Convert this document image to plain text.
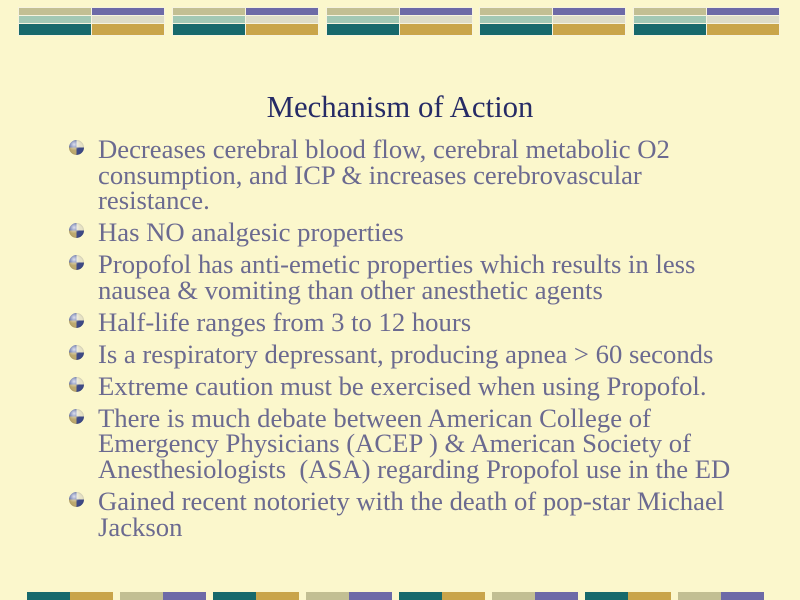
Mechanism of Action
Decreases cerebral blood flow, cerebral metabolic O2
consumption, and ICP & increases cerebrovascular
resistance.
Has NO analgesic properties
Propofol has anti-emetic properties which results in less
nausea & vomiting than other anesthetic agents
Half-life ranges from 3 to 12 hours
Is a respiratory depressant, producing apnea > 60 seconds
Extreme caution must be exercised when using Propofol.
There is much debate between American College of
Emergency Physicians (ACEP ) & American Society of
Anesthesiologists  (ASA) regarding Propofol use in the ED
Gained recent notoriety with the death of pop-star Michael
Jackson
